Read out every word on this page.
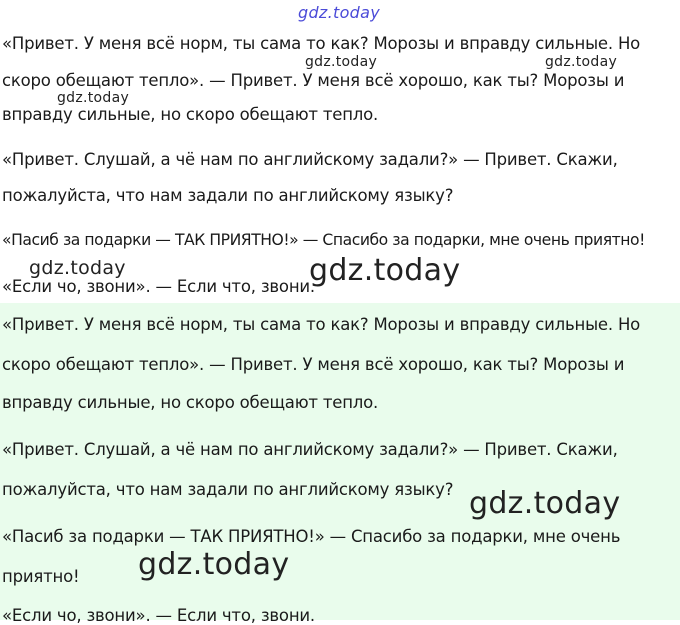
gdz.today
«Привет. У меня всё норм, ты сама то как? Морозы и вправду сильные. Но
скоро обещают тепло». — Привет. У меня всё хорошо, как ты? Морозы и
вправду сильные, но скоро обещают тепло.
«Привет. Слушай, а чё нам по английскому задали?» — Привет. Скажи,
пожалуйста, что нам задали по английскому языку?
«Пасиб за подарки — ТАК ПРИЯТНО!» — Спасибо за подарки, мне очень приятно!
«Если чо, звони». — Если что, звони.
«Привет. У меня всё норм, ты сама то как? Морозы и вправду сильные. Но
скоро обещают тепло». — Привет. У меня всё хорошо, как ты? Морозы и
вправду сильные, но скоро обещают тепло.
«Привет. Слушай, а чё нам по английскому задали?» — Привет. Скажи,
пожалуйста, что нам задали по английскому языку?
«Пасиб за подарки — ТАК ПРИЯТНО!» — Спасибо за подарки, мне очень
приятно!
«Если чо, звони». — Если что, звони.
gdz.today	gdz.today
gdz.today
gdz.today	gdz.today
gdz.today
gdz.today
